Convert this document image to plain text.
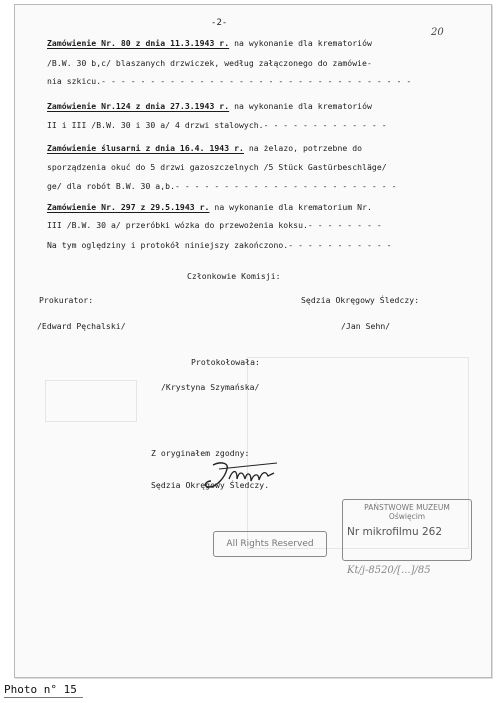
-2-
20
Zamówienie Nr. 80 z dnia 11.3.1943 r. na wykonanie dla krematoriów
/B.W. 30 b,c/ blaszanych drzwiczek, według załączonego do zamówie-
nia szkicu.- - - - - - - - - - - - - - - - - - - - - - - - - - - - - - - -
Zamówienie Nr.124 z dnia 27.3.1943 r. na wykonanie dla krematoriów
II i III /B.W. 30 i 30 a/ 4 drzwi stalowych.- - - - - - - - - - - - -
Zamówienie ślusarni z dnia 16.4. 1943 r. na żelazo, potrzebne do
sporządzenia okuć do 5 drzwi gazoszczelnych /5 Stück Gastürbeschläge/
ge/ dla robót B.W. 30 a,b.- - - - - - - - - - - - - - - - - - - - - - -
Zamówienie Nr. 297 z 29.5.1943 r. na wykonanie dla krematorium Nr.
III /B.W. 30 a/ przeróbki wózka do przewożenia koksu.- - - - - - - -
Na tym oględziny i protokół niniejszy zakończono.- - - - - - - - - - -
Członkowie Komisji:
Prokurator:	Sędzia Okręgowy Śledczy:
/Edward Pęchalski/	/Jan Sehn/
Protokołowała:
/Krystyna Szymańska/
Z oryginałem zgodny:
Sędzia Okręgowy Śledczy.
All Rights Reserved
PAŃSTWOWE MUZEUM
Oświęcim
Nr mikrofilmu 262
Kt/j-8520/[...]/85
Photo n° 15
